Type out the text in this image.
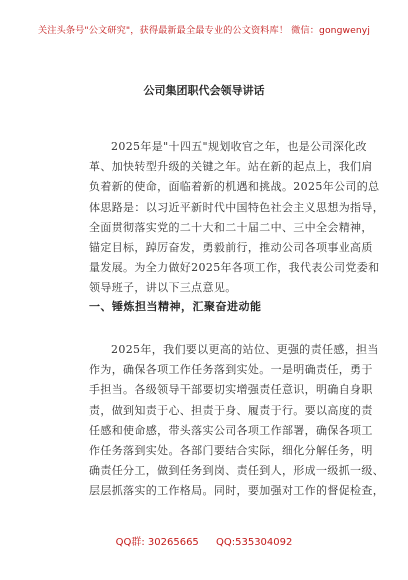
关注头条号"公文研究"，获得最新最全最专业的公文资料库！ 微信：gongwenyj
公司集团职代会领导讲话
2025年是"十四五"规划收官之年，也是公司深化改
革、加快转型升级的关键之年。站在新的起点上，我们肩
负着新的使命，面临着新的机遇和挑战。2025年公司的总
体思路是：以习近平新时代中国特色社会主义思想为指导，
全面贯彻落实党的二十大和二十届二中、三中全会精神，
锚定目标，踔厉奋发，勇毅前行，推动公司各项事业高质
量发展。为全力做好2025年各项工作，我代表公司党委和
领导班子，讲以下三点意见。
一、锤炼担当精神，汇聚奋进动能
2025年，我们要以更高的站位、更强的责任感，担当
作为，确保各项工作任务落到实处。一是明确责任，勇于
手担当。各级领导干部要切实增强责任意识，明确自身职
责，做到知责于心、担责于身、履责于行。要以高度的责
任感和使命感，带头落实公司各项工作部署，确保各项工
作任务落到实处。各部门要结合实际，细化分解任务，明
确责任分工，做到任务到岗、责任到人，形成一级抓一级、
层层抓落实的工作格局。同时，要加强对工作的督促检查，
QQ群: 30265665 QQ:535304092
